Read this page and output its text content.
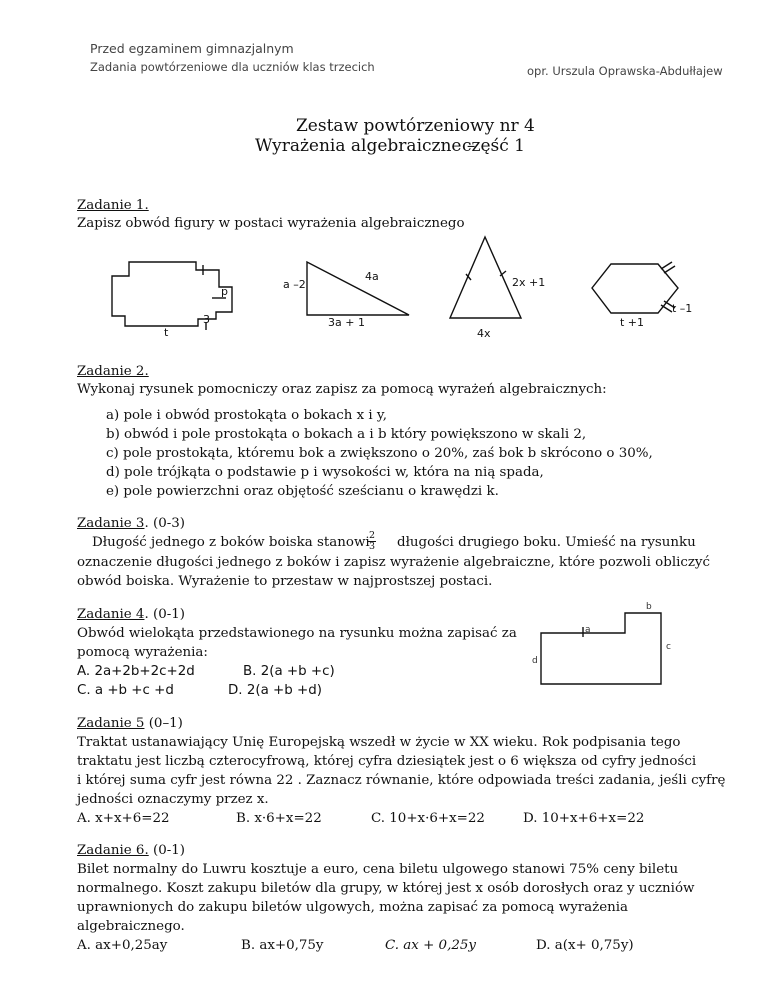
Przed egzaminem gimnazjalnym
Zadania powtórzeniowe dla uczniów klas trzecich	opr. Urszula Oprawska-Abdułłajew
Zestaw powtórzeniowy nr 4
Wyrażenia algebraiczne –
część 1
Zadanie 1.
Zapisz obwód figury w postaci wyrażenia algebraicznego
p
3
t
a –2
4a
3a + 1
2x +1
4x
t –1
t +1
Zadanie 2.
Wykonaj rysunek pomocniczy oraz zapisz za pomocą wyrażeń algebraicznych:
a) pole i obwód prostokąta o bokach x i y,
b) obwód i pole prostokąta o bokach a i b który powiększono w skali 2,
c) pole prostokąta, któremu bok a zwiększono o 20%, zaś bok b skrócono o 30%,
d) pole trójkąta o podstawie p i wysokości w, która na nią spada,
e) pole powierzchni oraz objętość sześcianu o krawędzi k.
Zadanie 3. (0-3)
Długość jednego z boków boiska stanowi
$\frac{2}{3}$ długości drugiego boku. Umieść na rysunku
oznaczenie długości jednego z boków i zapisz wyrażenie algebraiczne, które pozwoli obliczyć
obwód boiska. Wyrażenie to przestaw w najprostszej postaci.
Zadanie 4. (0-1)
Obwód wielokąta przedstawionego na rysunku można zapisać za
pomocą wyrażenia:
A. 2a+2b+2c+2d	B. 2(a +b +c)
C. a +b +c +d	D. 2(a +b +d)
b
a
c
d
Zadanie 5 (0–1)
Traktat ustanawiający Unię Europejską wszedł w życie w XX wieku. Rok podpisania tego
traktatu jest liczbą czterocyfrową, której cyfra dziesiątek jest o 6 większa od cyfry jedności
i której suma cyfr jest równa 22 . Zaznacz równanie, które odpowiada treści zadania, jeśli cyfrę
jedności oznaczymy przez x.
A. x+x+6=22	B. x·6+x=22	C. 10+x·6+x=22	D. 10+x+6+x=22
Zadanie 6. (0-1)
Bilet normalny do Luwru kosztuje a euro, cena biletu ulgowego stanowi 75% ceny biletu
normalnego. Koszt zakupu biletów dla grupy, w której jest x osób dorosłych oraz y uczniów
uprawnionych do zakupu biletów ulgowych, można zapisać za pomocą wyrażenia
algebraicznego.
A. ax+0,25ay	B. ax+0,75y	C. ax + 0,25y	D. a(x+ 0,75y)
